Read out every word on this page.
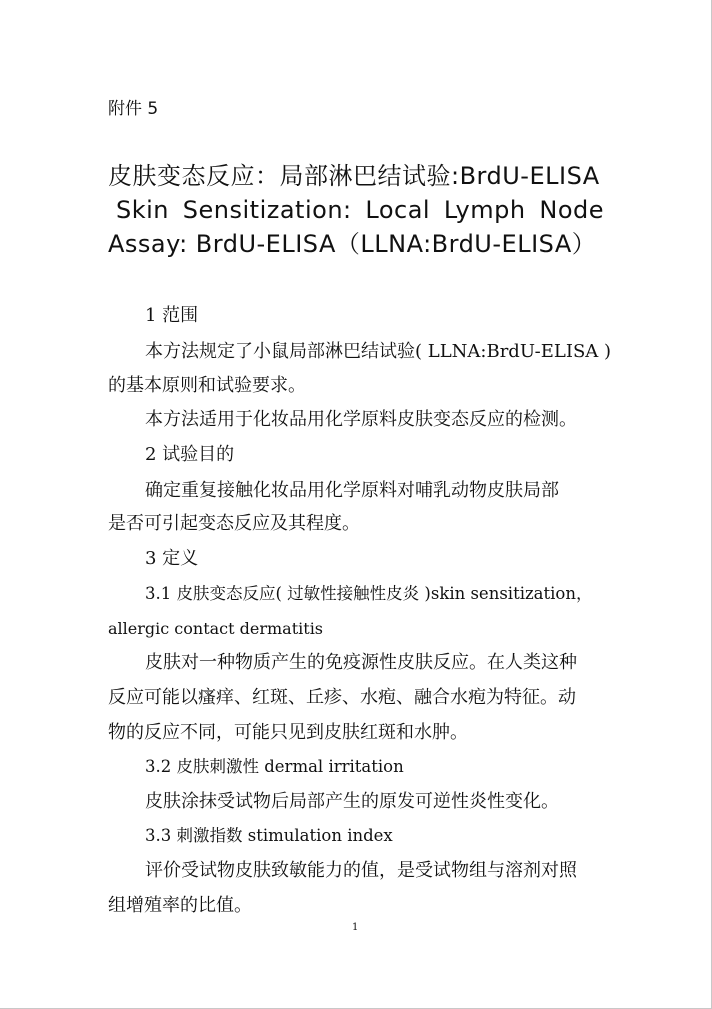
附件 5
皮肤变态反应：局部淋巴结试验:BrdU-ELISA
Skin Sensitization: Local Lymph Node
Assay: BrdU-ELISA（LLNA:BrdU-ELISA）
1 范围
本方法规定了小鼠局部淋巴结试验( LLNA:BrdU-ELISA )
的基本原则和试验要求。
本方法适用于化妆品用化学原料皮肤变态反应的检测。
2 试验目的
确定重复接触化妆品用化学原料对哺乳动物皮肤局部
是否可引起变态反应及其程度。
3 定义
3.1 皮肤变态反应( 过敏性接触性皮炎 )skin sensitization，
allergic contact dermatitis
皮肤对一种物质产生的免疫源性皮肤反应。在人类这种
反应可能以瘙痒、红斑、丘疹、水疱、融合水疱为特征。动
物的反应不同，可能只见到皮肤红斑和水肿。
3.2 皮肤刺激性 dermal irritation
皮肤涂抹受试物后局部产生的原发可逆性炎性变化。
3.3 刺激指数 stimulation index
评价受试物皮肤致敏能力的值，是受试物组与溶剂对照
组增殖率的比值。
1
